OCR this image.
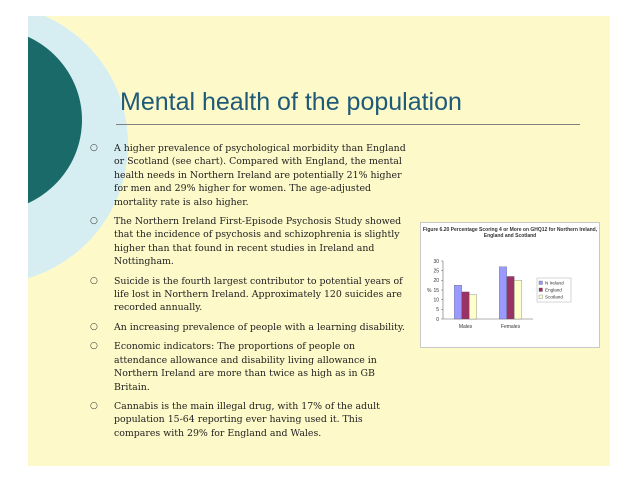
Mental health of the population
○ A higher prevalence of psychological morbidity than England or Scotland (see chart). Compared with England, the mental health needs in Northern Ireland are potentially 21% higher for men and 29% higher for women. The age-adjusted mortality rate is also higher.
○ The Northern Ireland First-Episode Psychosis Study showed that the incidence of psychosis and schizophrenia is slightly higher than that found in recent studies in Ireland and Nottingham.
○ Suicide is the fourth largest contributor to potential years of life lost in Northern Ireland. Approximately 120 suicides are recorded annually.
○ An increasing prevalence of people with a learning disability.
○ Economic indicators: The proportions of people on attendance allowance and disability living allowance in Northern Ireland are more than twice as high as in GB Britain.
○ Cannabis is the main illegal drug, with 17% of the adult population 15-64 reporting ever having used it. This compares with 29% for England and Wales.
Figure 6.20 Percentage Scoring 4 or More on GHQ12 for Northern Ireland, England and Scotland
0
5
10
15
20
25
30
%
Males	Females
N Ireland
England
Scotland
